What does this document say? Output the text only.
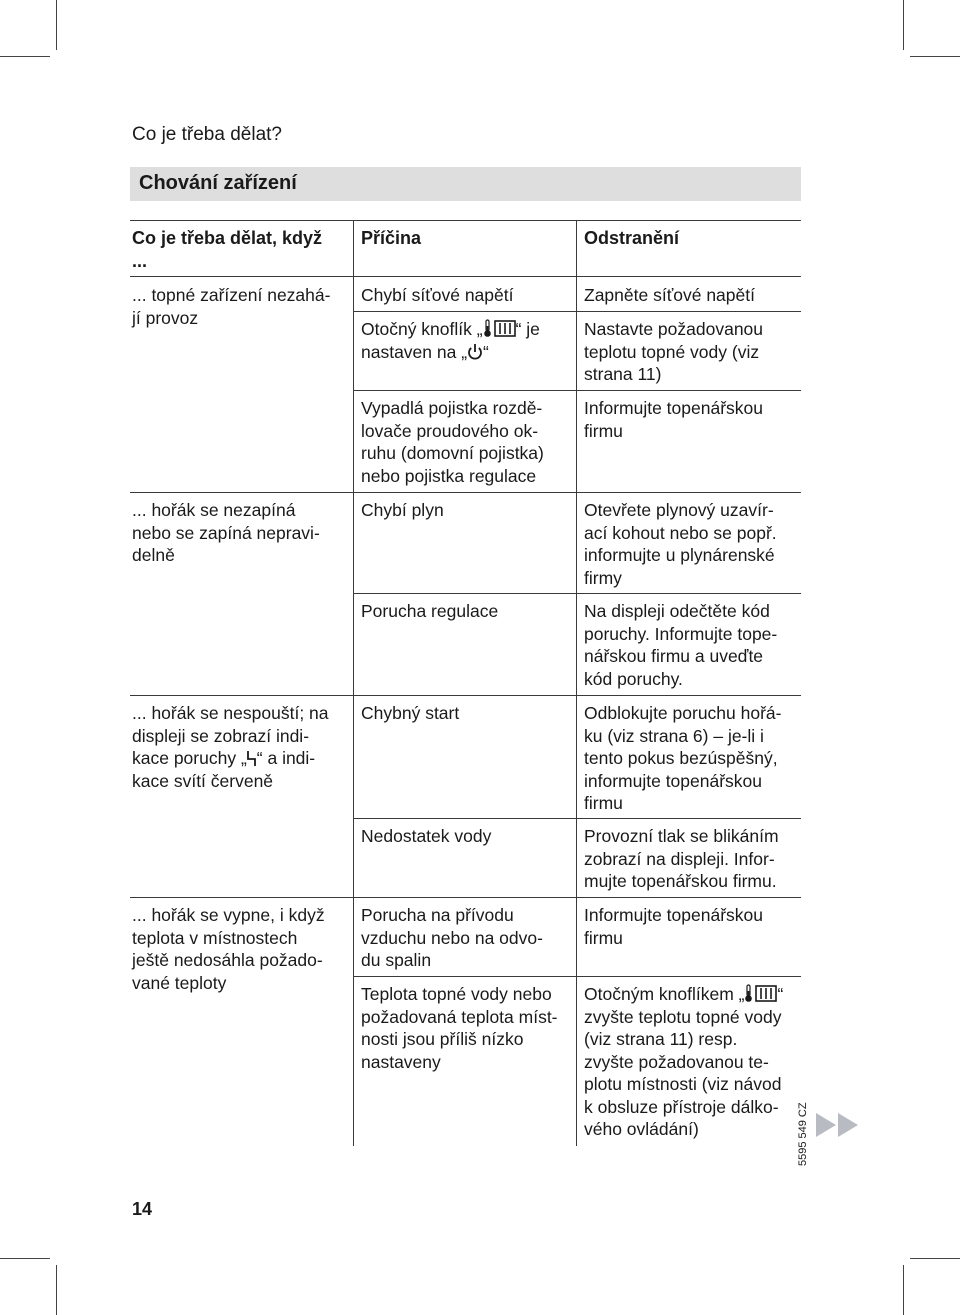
Co je třeba dělat?
Chování zařízení
Co je třeba dělat, když
...
Příčina	Odstranění
... topné zařízení nezahá-
jí provoz
... hořák se nezapíná
nebo se zapíná nepravi-
delně
... hořák se nespouští; na
displeji se zobrazí indi-
kace poruchy „ “ a indi-
kace svítí červeně
... hořák se vypne, i když
teplota v místnostech
ještě nedosáhla požado-
vané teploty
Chybí síťové napětí
Otočný knoflík „ “ je
nastaven na „ “
Vypadlá pojistka rozdě-
lovače proudového ok-
ruhu (domovní pojistka)
nebo pojistka regulace
Chybí plyn
Porucha regulace
Chybný start
Nedostatek vody
Porucha na přívodu
vzduchu nebo na odvo-
du spalin
Teplota topné vody nebo
požadovaná teplota míst-
nosti jsou příliš nízko
nastaveny
Zapněte síťové napětí
Nastavte požadovanou
teplotu topné vody (viz
strana 11)
Informujte topenářskou
firmu
Otevřete plynový uzavír-
ací kohout nebo se popř.
informujte u plynárenské
firmy
Na displeji odečtěte kód
poruchy. Informujte tope-
nářskou firmu a uveďte
kód poruchy.
Odblokujte poruchu hořá-
ku (viz strana 6) – je-li i
tento pokus bezúspěšný,
informujte topenářskou
firmu
Provozní tlak se blikáním
zobrazí na displeji. Infor-
mujte topenářskou firmu.
Informujte topenářskou
firmu
Otočným knoflíkem „ “
zvyšte teplotu topné vody
(viz strana 11) resp.
zvyšte požadovanou te-
plotu místnosti (viz návod
k obsluze přístroje dálko-
vého ovládání)	5595 549 CZ
14
